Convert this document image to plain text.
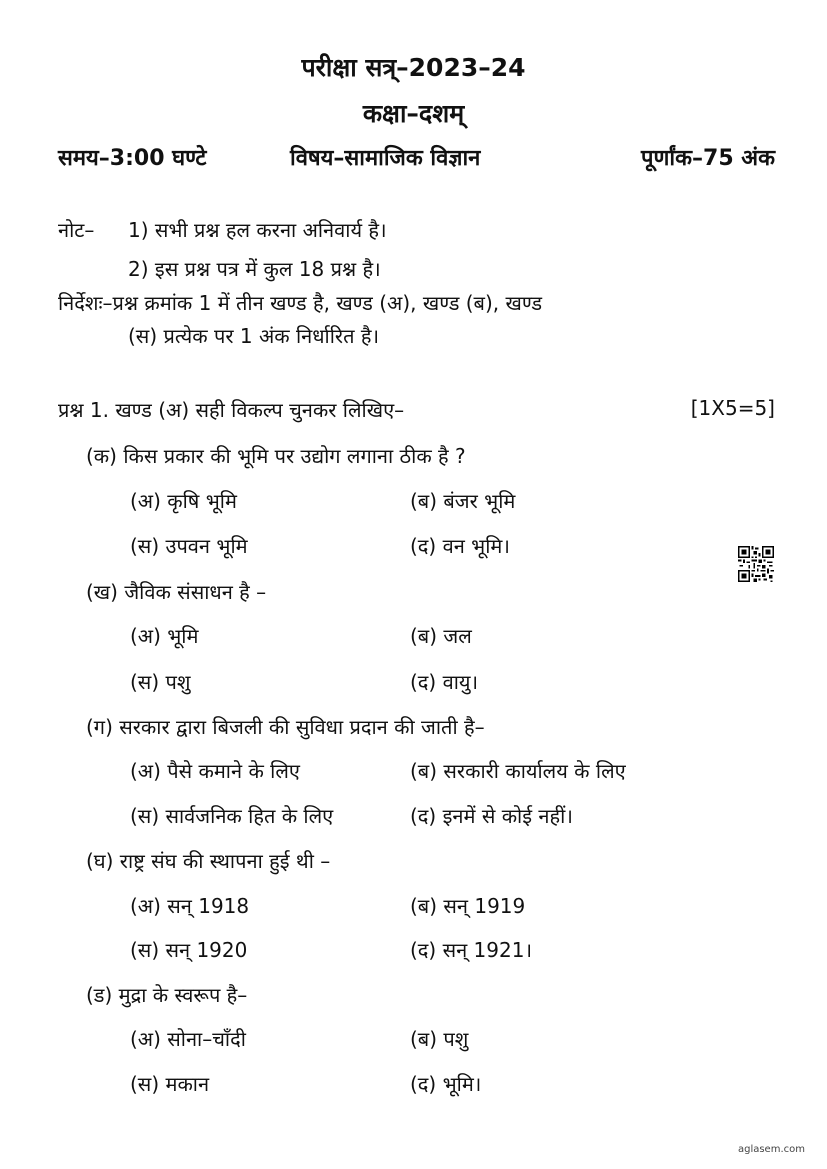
परीक्षा सत्र्–2023–24
कक्षा–दशम्
समय–3:00 घण्टे	विषय–सामाजिक विज्ञान	पूर्णांक–75 अंक
नोट– 1) सभी प्रश्न हल करना अनिवार्य है।
2) इस प्रश्न पत्र में कुल 18 प्रश्न है।
निर्देशः–प्रश्न क्रमांक 1 में तीन खण्ड है, खण्ड (अ), खण्ड (ब), खण्ड
(स) प्रत्येक पर 1 अंक निर्धारित है।
प्रश्न 1. खण्ड (अ) सही विकल्प चुनकर लिखिए–	[1X5=5]
(क) किस प्रकार की भूमि पर उद्योग लगाना ठीक है ?
(अ) कृषि भूमि	(ब) बंजर भूमि
(स) उपवन भूमि	(द) वन भूमि।
(ख) जैविक संसाधन है –
(अ) भूमि	(ब) जल
(स) पशु	(द) वायु।
(ग) सरकार द्वारा बिजली की सुविधा प्रदान की जाती है–
(अ) पैसे कमाने के लिए	(ब) सरकारी कार्यालय के लिए
(स) सार्वजनिक हित के लिए	(द) इनमें से कोई नहीं।
(घ) राष्ट्र संघ की स्थापना हुई थी –
(अ) सन् 1918	(ब) सन् 1919
(स) सन् 1920	(द) सन् 1921।
(ड) मुद्रा के स्वरूप है–
(अ) सोना–चाँदी	(ब) पशु
(स) मकान	(द) भूमि।
aglasem.com
